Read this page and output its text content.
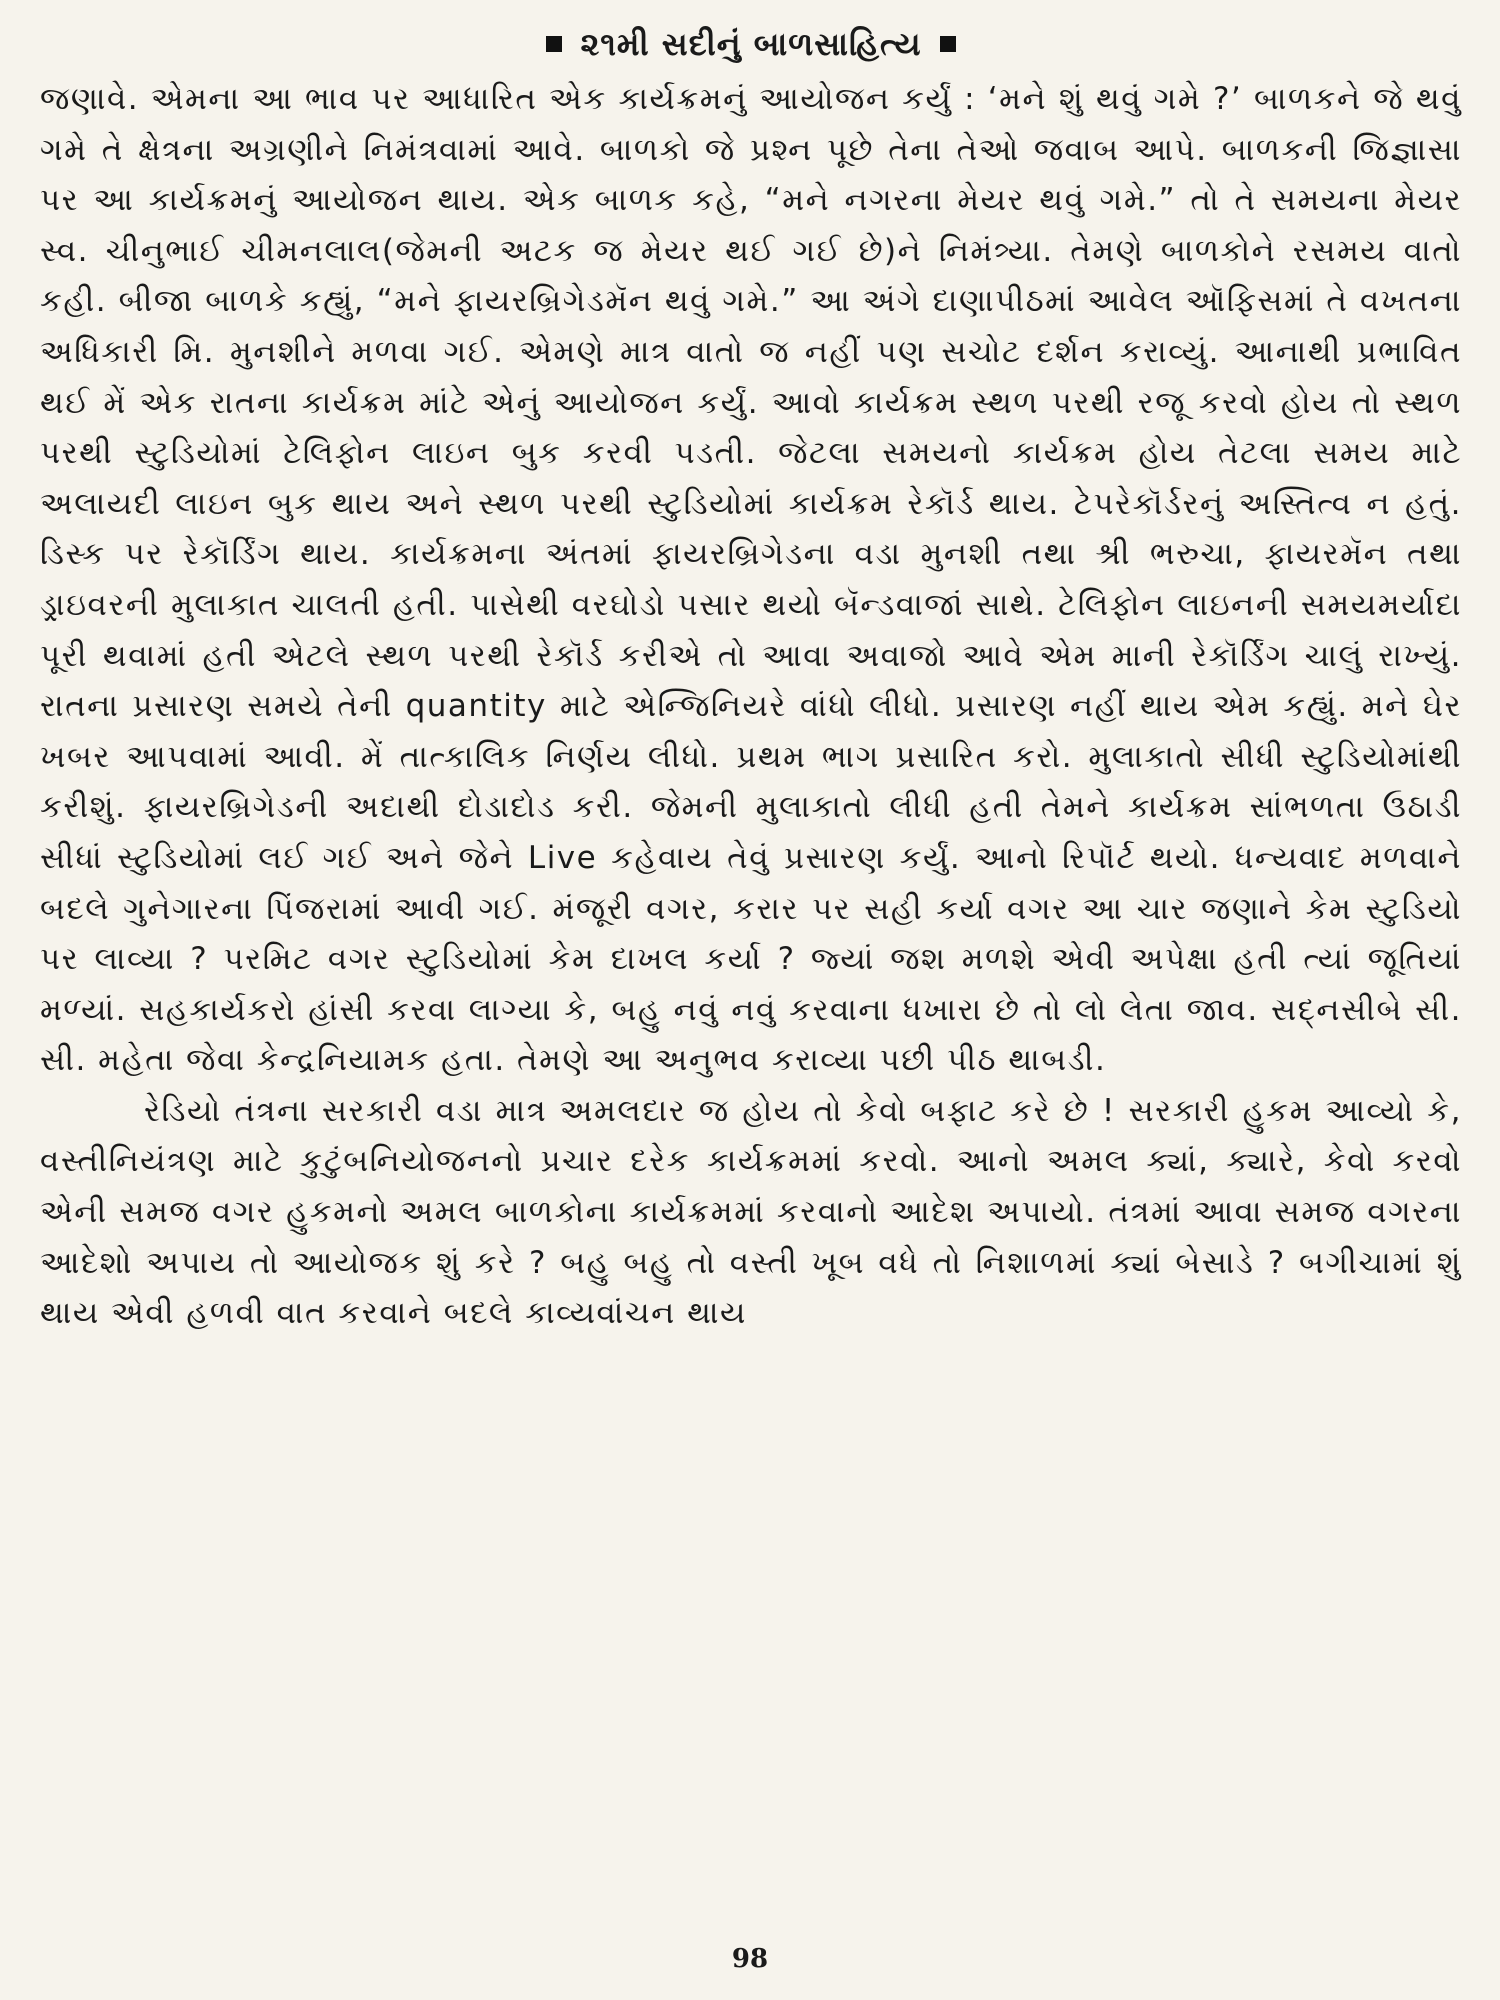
૨૧મી સદીનું બાળસાહિત્ય

જણાવે. એમના આ ભાવ પર આધારિત એક કાર્યક્રમનું આયોજન કર્યું : ‘મને શું થવું ગમે ?’ બાળકને જે થવું ગમે તે ક્ષેત્રના અગ્રણીને નિમંત્રવામાં આવે. બાળકો જે પ્રશ્ન પૂછે તેના તેઓ જવાબ આપે. બાળકની જિજ્ઞાસા પર આ કાર્યક્રમનું આયોજન થાય. એક બાળક કહે, “મને નગરના મેયર થવું ગમે.” તો તે સમયના મેયર સ્વ. ચીનુભાઈ ચીમનલાલ(જેમની અટક જ મેયર થઈ ગઈ છે)ને નિમંત્ર્યા. તેમણે બાળકોને રસમય વાતો કહી. બીજા બાળકે કહ્યું, “મને ફાયરબ્રિગેડમૅન થવું ગમે.” આ અંગે દાણાપીઠમાં આવેલ ઑફિસમાં તે વખતના અધિકારી મિ. મુનશીને મળવા ગઈ. એમણે માત્ર વાતો જ નહીં પણ સચોટ દર્શન કરાવ્યું. આનાથી પ્રભાવિત થઈ મેં એક રાતના કાર્યક્રમ માંટે એનું આયોજન કર્યું. આવો કાર્યક્રમ સ્થળ પરથી રજૂ કરવો હોય તો સ્થળ પરથી સ્ટુડિયોમાં ટેલિફોન લાઇન બુક કરવી પડતી. જેટલા સમયનો કાર્યક્રમ હોય તેટલા સમય માટે અલાયદી લાઇન બુક થાય અને સ્થળ પરથી સ્ટુડિયોમાં કાર્યક્રમ રેકૉર્ડ થાય. ટેપરેકૉર્ડરનું અસ્તિત્વ ન હતું. ડિસ્ક પર રેકૉર્ડિંગ થાય. કાર્યક્રમના અંતમાં ફાયરબ્રિગેડના વડા મુનશી તથા શ્રી ભરુચા, ફાયરમૅન તથા ડ્રાઇવરની મુલાકાત ચાલતી હતી. પાસેથી વરઘોડો પસાર થયો બૅન્ડવાજાં સાથે. ટેલિફોન લાઇનની સમયમર્યાદા પૂરી થવામાં હતી એટલે સ્થળ પરથી રેકૉર્ડ કરીએ તો આવા અવાજો આવે એમ માની રેકૉર્ડિંગ ચાલું રાખ્યું. રાતના પ્રસારણ સમયે તેની quantity માટે એન્જિનિયરે વાંધો લીધો. પ્રસારણ નહીં થાય એમ કહ્યું. મને ઘેર ખબર આપવામાં આવી. મેં તાત્કાલિક નિર્ણય લીધો. પ્રથમ ભાગ પ્રસારિત કરો. મુલાકાતો સીધી સ્ટુડિયોમાંથી કરીશું. ફાયરબ્રિગેડની અદાથી દોડાદોડ કરી. જેમની મુલાકાતો લીધી હતી તેમને કાર્યક્રમ સાંભળતા ઉઠાડી સીધાં સ્ટુડિયોમાં લઈ ગઈ અને જેને Live કહેવાય તેવું પ્રસારણ કર્યું. આનો રિપૉર્ટ થયો. ધન્યવાદ મળવાને બદલે ગુનેગારના પિંજરામાં આવી ગઈ. મંજૂરી વગર, કરાર પર સહી કર્યા વગર આ ચાર જણાને કેમ સ્ટુડિયો પર લાવ્યા ? પરમિટ વગર સ્ટુડિયોમાં કેમ દાખલ કર્યા ? જ્યાં જશ મળશે એવી અપેક્ષા હતી ત્યાં જૂતિયાં મળ્યાં. સહકાર્યકરો હાંસી કરવા લાગ્યા કે, બહુ નવું નવું કરવાના ધખારા છે તો લો લેતા જાવ. સદ્નસીબે સી. સી. મહેતા જેવા કેન્દ્રનિયામક હતા. તેમણે આ અનુભવ કરાવ્યા પછી પીઠ થાબડી.

રેડિયો તંત્રના સરકારી વડા માત્ર અમલદાર જ હોય તો કેવો બફાટ કરે છે ! સરકારી હુકમ આવ્યો કે, વસ્તીનિયંત્રણ માટે કુટુંબનિયોજનનો પ્રચાર દરેક કાર્યક્રમમાં કરવો. આનો અમલ ક્યાં, ક્યારે, કેવો કરવો એની સમજ વગર હુકમનો અમલ બાળકોના કાર્યક્રમમાં કરવાનો આદેશ અપાયો. તંત્રમાં આવા સમજ વગરના આદેશો અપાય તો આયોજક શું કરે ? બહુ બહુ તો વસ્તી ખૂબ વધે તો નિશાળમાં ક્યાં બેસાડે ? બગીચામાં શું થાય એવી હળવી વાત કરવાને બદલે કાવ્યવાંચન થાય

98
